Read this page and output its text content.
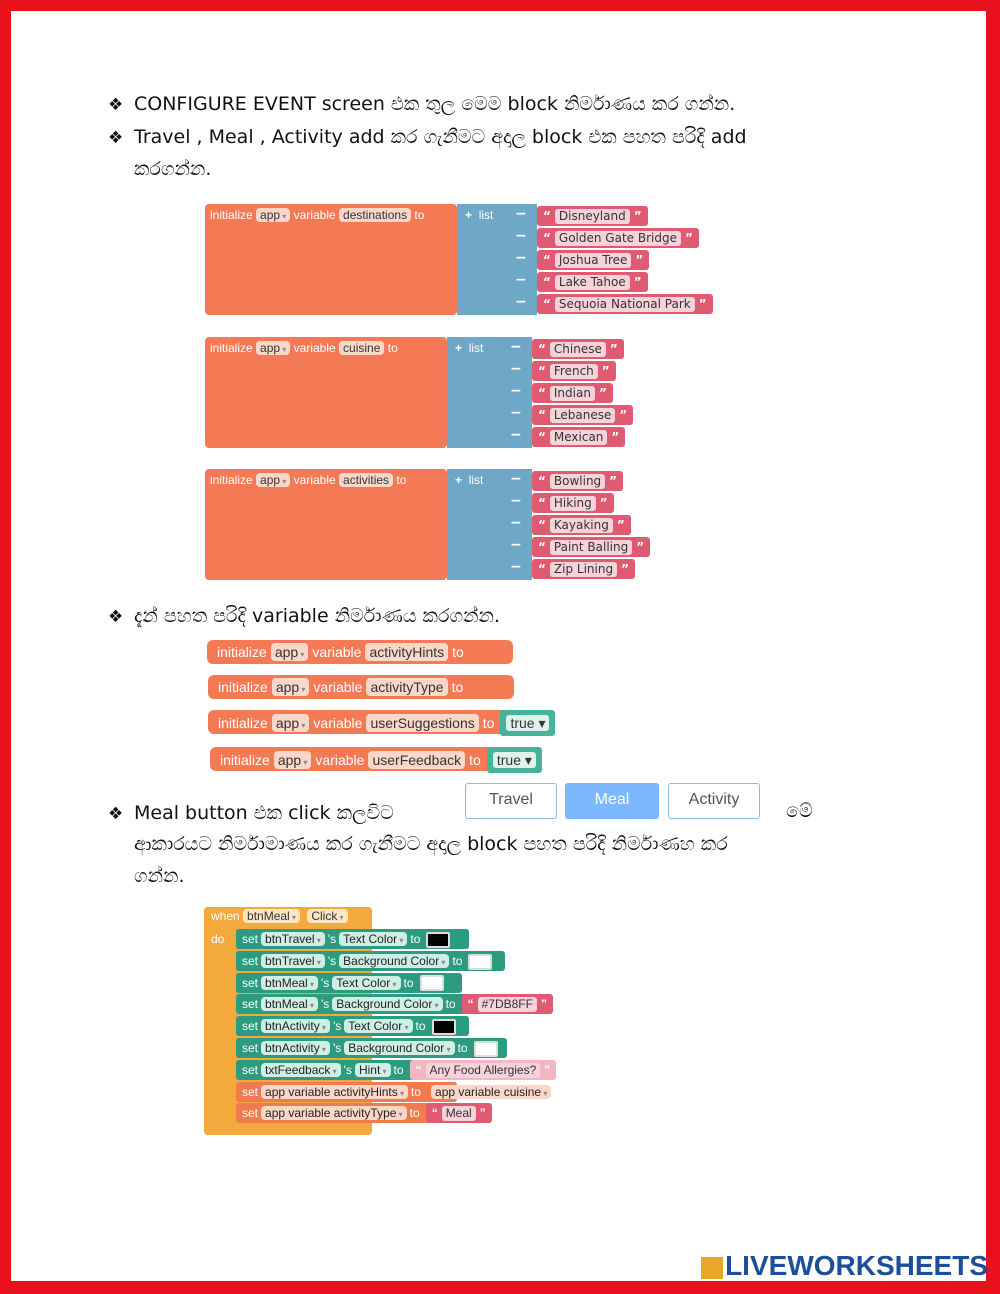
❖ CONFIGURE EVENT screen එක තුල මෙම block නිර්මාණය කර ගන්න.
❖ Travel , Meal , Activity add කර ගැනීමට අදාල block එක පහත පරිදි add
කරගන්න.
initialize app ▾ variable destinations to	+ list −	“ Disneyland ”
−	“ Golden Gate Bridge ”
−	“ Joshua Tree ”
−	“ Lake Tahoe ”
−	“ Sequoia National Park ”
initialize app ▾ variable cuisine to	+ list −	“ Chinese ”
−	“ French ”
−	“ Indian ”
−	“ Lebanese ”
−	“ Mexican ”
initialize app ▾ variable activities to	+ list −	“ Bowling ”
−	“ Hiking ”
−	“ Kayaking ”
−	“ Paint Balling ”
−	“ Zip Lining ”
❖ දැන් පහත පරිදි variable නිර්මාණය කරගන්න.
initialize app ▾ variable activityHints to
initialize app ▾ variable activityType to
initialize app ▾ variable userSuggestions to true ▾
initialize app ▾ variable userFeedback to true ▾
❖ Meal button එක click කලවිට
Travel	Meal	Activity
මේ
ආකාරයට නිර්මාමාණය කර ගැනීමට අදාල block පහත පරිදි නිර්මාණහ කර
ගන්න.
when btnMeal ▾ Click ▾
do	set btnTravel ▾ 's Text Color ▾ to
set btnTravel ▾ 's Background Color ▾ to
set btnMeal ▾ 's Text Color ▾ to
set btnMeal ▾ 's Background Color ▾ to “ #7DB8FF ”
set btnActivity ▾ 's Text Color ▾ to
set btnActivity ▾ 's Background Color ▾ to
set txtFeedback ▾ 's Hint ▾ to “ Any Food Allergies? ”
set app variable activityHints ▾ to app variable cuisine ▾
set app variable activityType ▾ to “ Meal ”
LIVEWORKSHEETS
